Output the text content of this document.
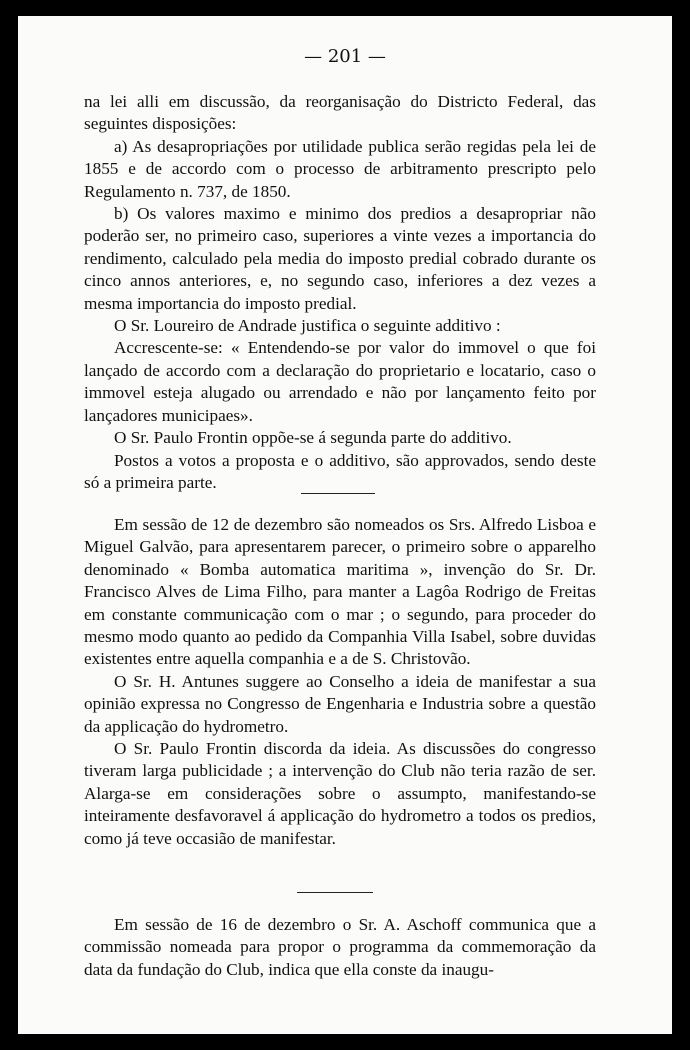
— 201 —

na lei alli em discussão, da reorganisação do Districto Federal, das seguintes disposições:

a) As desapropriações por utilidade publica serão regidas pela lei de 1855 e de accordo com o processo de arbitramento prescripto pelo Regulamento n. 737, de 1850.

b) Os valores maximo e minimo dos predios a desapropriar não poderão ser, no primeiro caso, superiores a vinte vezes a importancia do rendimento, calculado pela media do imposto predial cobrado durante os cinco annos anteriores, e, no segundo caso, inferiores a dez vezes a mesma importancia do imposto predial.

O Sr. Loureiro de Andrade justifica o seguinte additivo :

Accrescente-se: « Entendendo-se por valor do immovel o que foi lançado de accordo com a declaração do proprietario e locatario, caso o immovel esteja alugado ou arrendado e não por lançamento feito por lançadores municipaes».

O Sr. Paulo Frontin oppõe-se á segunda parte do additivo.

Postos a votos a proposta e o additivo, são approvados, sendo deste só a primeira parte.

Em sessão de 12 de dezembro são nomeados os Srs. Alfredo Lisboa e Miguel Galvão, para apresentarem parecer, o primeiro sobre o apparelho denominado « Bomba automatica maritima », invenção do Sr. Dr. Francisco Alves de Lima Filho, para manter a Lagôa Rodrigo de Freitas em constante communicação com o mar ; o segundo, para proceder do mesmo modo quanto ao pedido da Companhia Villa Isabel, sobre duvidas existentes entre aquella companhia e a de S. Christovão.

O Sr. H. Antunes suggere ao Conselho a ideia de manifestar a sua opinião expressa no Congresso de Engenharia e Industria sobre a questão da applicação do hydrometro.

O Sr. Paulo Frontin discorda da ideia. As discussões do congresso tiveram larga publicidade ; a intervenção do Club não teria razão de ser. Alarga-se em considerações sobre o assumpto, manifestando-se inteiramente desfavoravel á applicação do hydrometro a todos os predios, como já teve occasião de manifestar.

Em sessão de 16 de dezembro o Sr. A. Aschoff communica que a commissão nomeada para propor o programma da commemoração da data da fundação do Club, indica que ella conste da inaugu-
